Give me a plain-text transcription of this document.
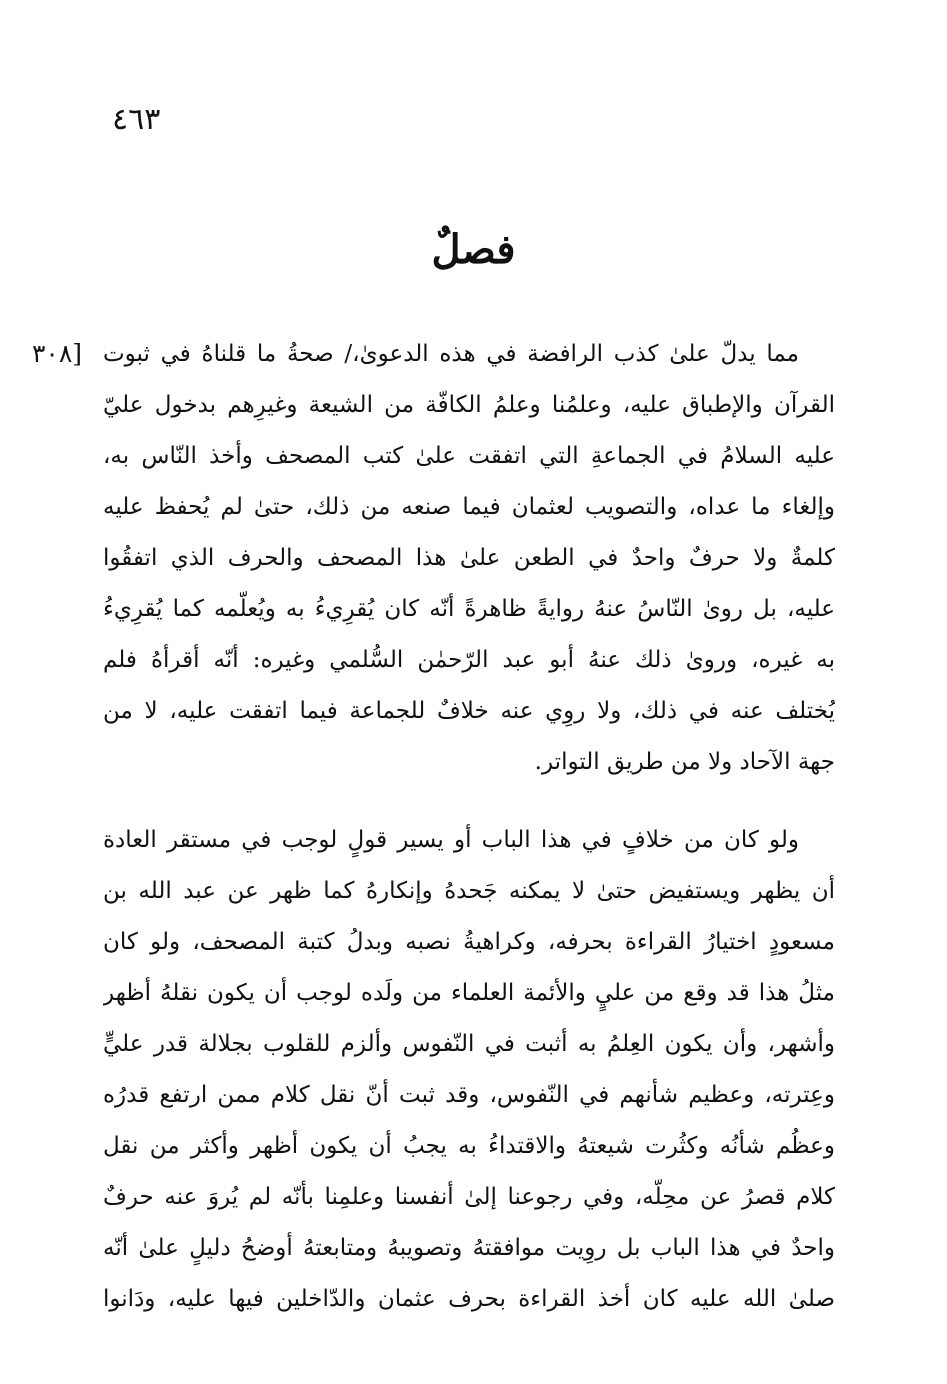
٤٦٣
فصلٌ
[٣٠٨ مما يدلّ علىٰ كذب الرافضة في هذه الدعوىٰ،/ صحةُ ما قلناهُ في ثبوت
القرآن والإطباق عليه، وعلمُنا وعلمُ الكافّة من الشيعة وغيرِهم بدخول عليّ
عليه السلامُ في الجماعةِ التي اتفقت علىٰ كتب المصحف وأخذ النّاس به،
وإلغاء ما عداه، والتصويب لعثمان فيما صنعه من ذلك، حتىٰ لم يُحفظ عليه
كلمةٌ ولا حرفٌ واحدٌ في الطعن علىٰ هذا المصحف والحرف الذي اتفقُوا
عليه، بل روىٰ النّاسُ عنهُ روايةً ظاهرةً أنّه كان يُقرِيءُ به ويُعلّمه كما يُقرِيءُ
به غيره، وروىٰ ذلك عنهُ أبو عبد الرّحمٰن السُّلمي وغيره: أنّه أقرأهُ فلم
يُختلف عنه في ذلك، ولا روِي عنه خلافٌ للجماعة فيما اتفقت عليه، لا من
جهة الآحاد ولا من طريق التواتر.
ولو كان من خلافٍ في هذا الباب أو يسير قولٍ لوجب في مستقر العادة
أن يظهر ويستفيض حتىٰ لا يمكنه جَحدهُ وإنكارهُ كما ظهر عن عبد الله بن
مسعودٍ اختيارُ القراءة بحرفه، وكراهيةُ نصبه وبدلُ كتبة المصحف، ولو كان
مثلُ هذا قد وقع من عليٍ والأئمة العلماء من ولَده لوجب أن يكون نقلهُ أظهر
وأشهر، وأن يكون العِلمُ به أثبت في النّفوس وألزم للقلوب بجلالة قدر عليٍّ
وعِترته، وعظيم شأنهم في النّفوس، وقد ثبت أنّ نقل كلام ممن ارتفع قدرُه
وعظُم شأنُه وكثُرت شيعتهُ والاقتداءُ به يجبُ أن يكون أظهر وأكثر من نقل
كلام قصرُ عن محِلّه، وفي رجوعنا إلىٰ أنفسنا وعلمِنا بأنّه لم يُروَ عنه حرفٌ
واحدٌ في هذا الباب بل روِيت موافقتهُ وتصويبهُ ومتابعتهُ أوضحُ دليلٍ علىٰ أنّه
صلىٰ الله عليه كان أخذ القراءة بحرف عثمان والدّاخلين فيها عليه، ودَانوا
